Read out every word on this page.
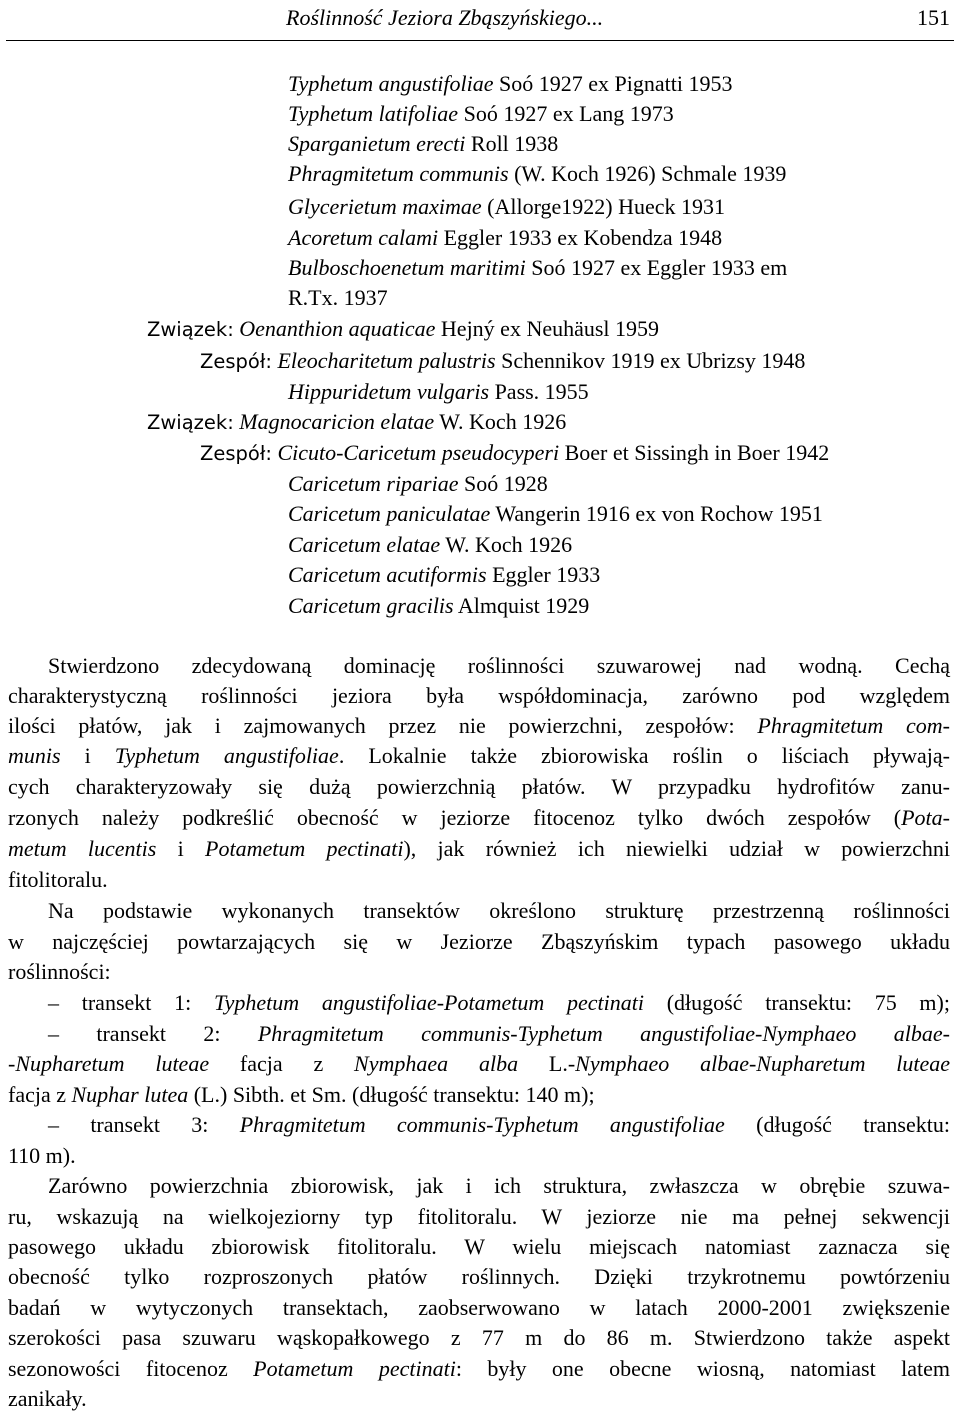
Roślinność Jeziora Zbąszyńskiego...	151
Typhetum angustifoliae Soó 1927 ex Pignatti 1953
Typhetum latifoliae Soó 1927 ex Lang 1973
Sparganietum erecti Roll 1938
Phragmitetum communis (W. Koch 1926) Schmale 1939
Glycerietum maximae (Allorge1922) Hueck 1931
Acoretum calami Eggler 1933 ex Kobendza 1948
Bulboschoenetum maritimi Soó 1927 ex Eggler 1933 em
R.Tx. 1937
Związek: Oenanthion aquaticae Hejný ex Neuhäusl 1959
Zespół: Eleocharitetum palustris Schennikov 1919 ex Ubrizsy 1948
Hippuridetum vulgaris Pass. 1955
Związek: Magnocaricion elatae W. Koch 1926
Zespół: Cicuto-Caricetum pseudocyperi Boer et Sissingh in Boer 1942
Caricetum ripariae Soó 1928
Caricetum paniculatae Wangerin 1916 ex von Rochow 1951
Caricetum elatae W. Koch 1926
Caricetum acutiformis Eggler 1933
Caricetum gracilis Almquist 1929
Stwierdzono zdecydowaną dominację roślinności szuwarowej nad wodną. Cechą
charakterystyczną roślinności jeziora była współdominacja, zarówno pod względem
ilości płatów, jak i zajmowanych przez nie powierzchni, zespołów: Phragmitetum com-
munis i Typhetum angustifoliae. Lokalnie także zbiorowiska roślin o liściach pływają-
cych charakteryzowały się dużą powierzchnią płatów. W przypadku hydrofitów zanu-
rzonych należy podkreślić obecność w jeziorze fitocenoz tylko dwóch zespołów (Pota-
metum lucentis i Potametum pectinati), jak również ich niewielki udział w powierzchni
fitolitoralu.
Na podstawie wykonanych transektów określono strukturę przestrzenną roślinności
w najczęściej powtarzających się w Jeziorze Zbąszyńskim typach pasowego układu
roślinności:
– transekt 1: Typhetum angustifoliae-Potametum pectinati (długość transektu: 75 m);
– transekt 2: Phragmitetum communis-Typhetum angustifoliae-Nymphaeo albae-
-Nupharetum luteae facja z Nymphaea alba L.-Nymphaeo albae-Nupharetum luteae
facja z Nuphar lutea (L.) Sibth. et Sm. (długość transektu: 140 m);
– transekt 3: Phragmitetum communis-Typhetum angustifoliae (długość transektu:
110 m).
Zarówno powierzchnia zbiorowisk, jak i ich struktura, zwłaszcza w obrębie szuwa-
ru, wskazują na wielkojeziorny typ fitolitoralu. W jeziorze nie ma pełnej sekwencji
pasowego układu zbiorowisk fitolitoralu. W wielu miejscach natomiast zaznacza się
obecność tylko rozproszonych płatów roślinnych. Dzięki trzykrotnemu powtórzeniu
badań w wytyczonych transektach, zaobserwowano w latach 2000-2001 zwiększenie
szerokości pasa szuwaru wąskopałkowego z 77 m do 86 m. Stwierdzono także aspekt
sezonowości fitocenoz Potametum pectinati: były one obecne wiosną, natomiast latem
zanikały.
